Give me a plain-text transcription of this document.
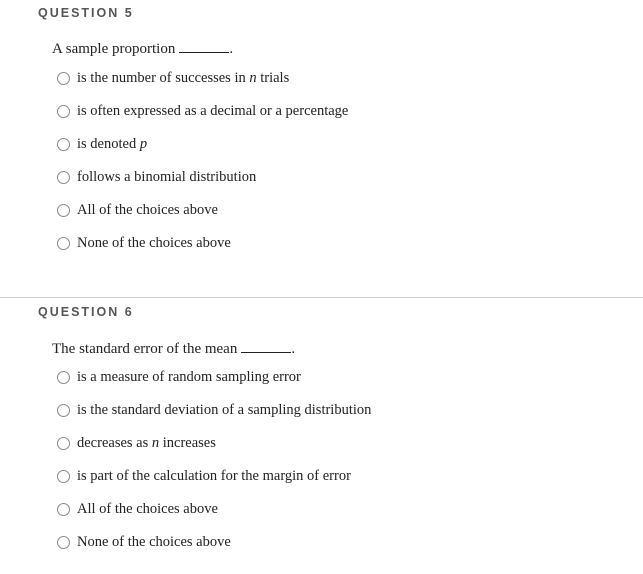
QUESTION 5
A sample proportion	.
is the number of successes in n trials
is often expressed as a decimal or a percentage
is denoted p
follows a binomial distribution
All of the choices above
None of the choices above
QUESTION 6
The standard error of the mean	.
is a measure of random sampling error
is the standard deviation of a sampling distribution
decreases as n increases
is part of the calculation for the margin of error
All of the choices above
None of the choices above
